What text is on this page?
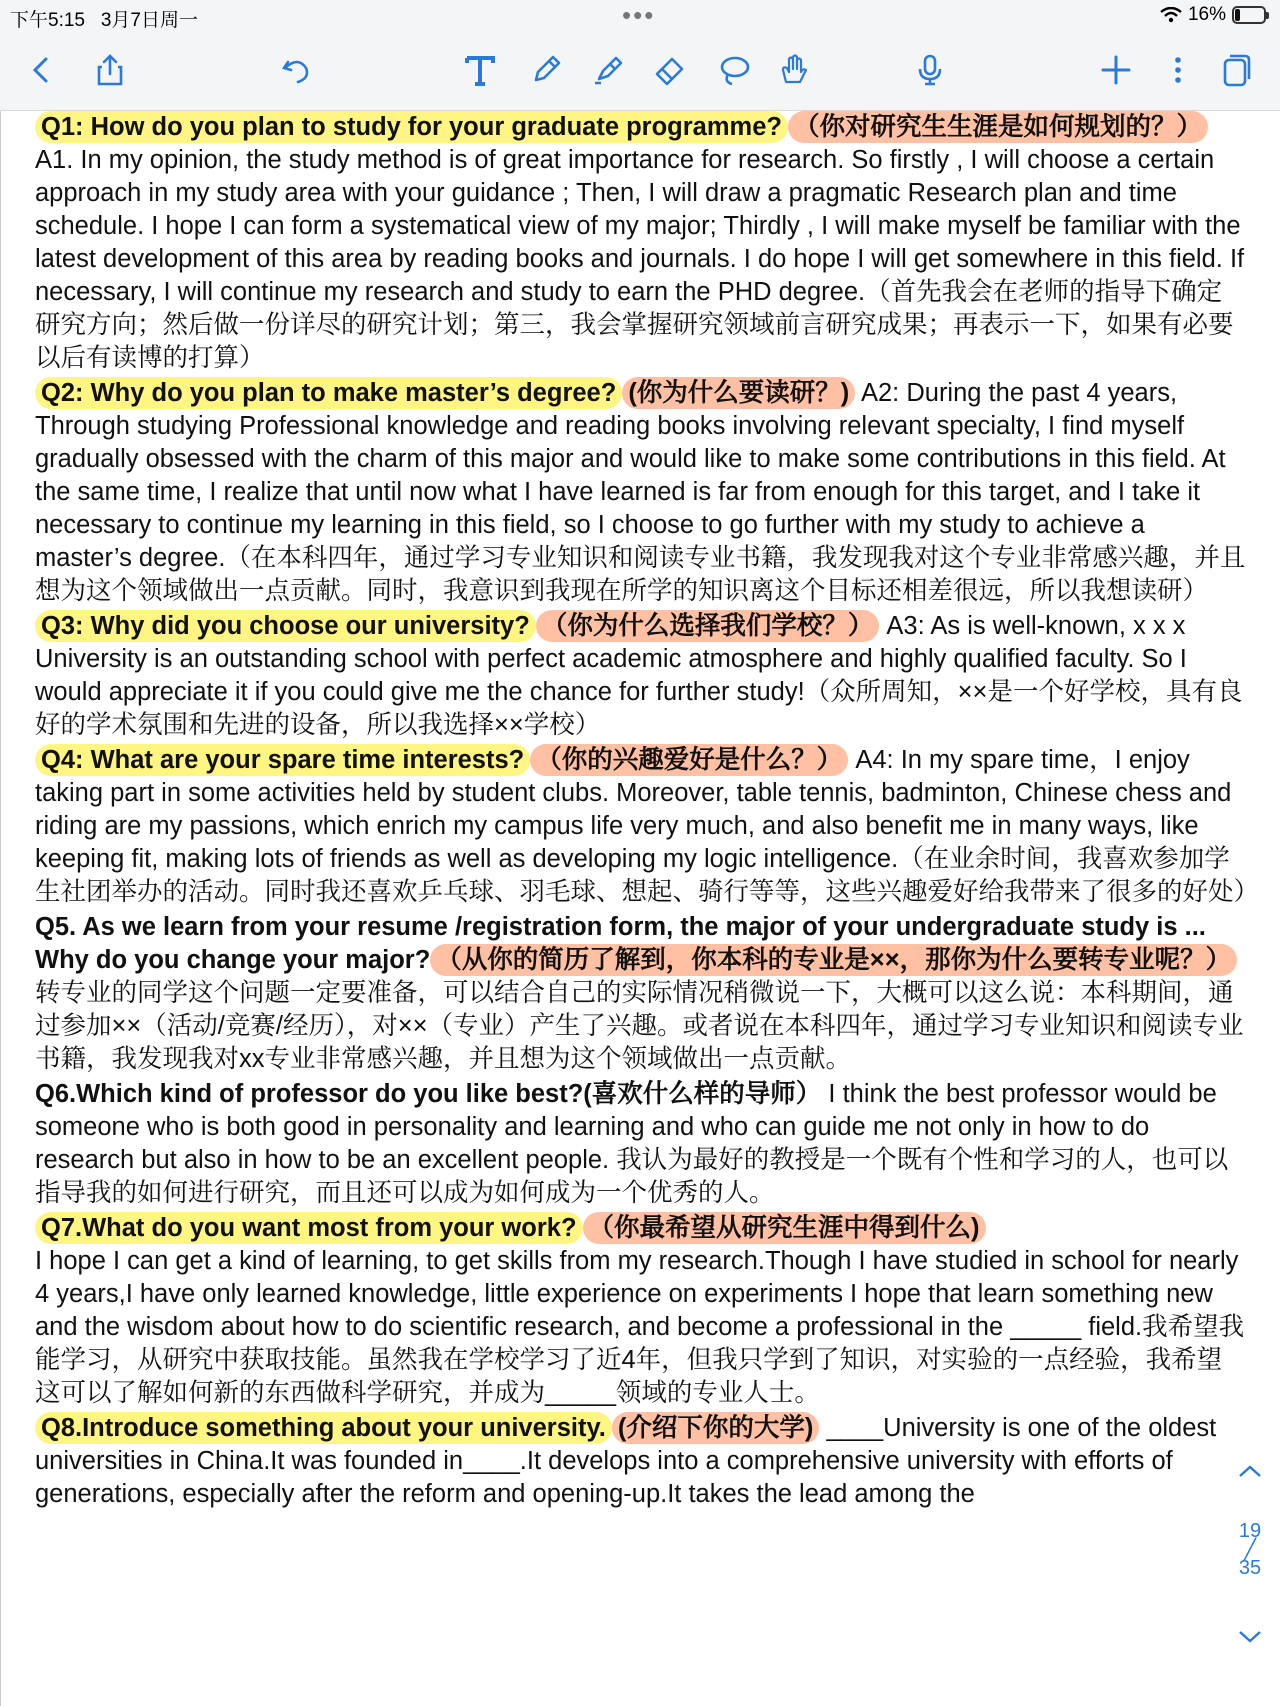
下午5:15 3月7日周一	•••	16%

Q1: How do you plan to study for your graduate programme? （你对研究生生涯是如何规划的？） A1. In my opinion, the study method is of great importance for research. So firstly , I will choose a certain approach in my study area with your guidance ; Then, I will draw a pragmatic Research plan and time schedule. I hope I can form a systematical view of my major; Thirdly , I will make myself be familiar with the latest development of this area by reading books and journals. I do hope I will get somewhere in this field. If necessary, I will continue my research and study to earn the PHD degree.（首先我会在老师的指导下确定研究方向；然后做一份详尽的研究计划；第三，我会掌握研究领域前言研究成果；再表示一下，如果有必要以后有读博的打算）

Q2: Why do you plan to make master’s degree? (你为什么要读研？) A2: During the past 4 years, Through studying Professional knowledge and reading books involving relevant specialty, I find myself gradually obsessed with the charm of this major and would like to make some contributions in this field. At the same time, I realize that until now what I have learned is far from enough for this target, and I take it necessary to continue my learning in this field, so I choose to go further with my study to achieve a master’s degree.（在本科四年，通过学习专业知识和阅读专业书籍，我发现我对这个专业非常感兴趣，并且想为这个领域做出一点贡献。同时，我意识到我现在所学的知识离这个目标还相差很远，所以我想读研）

Q3: Why did you choose our university? （你为什么选择我们学校？） A3: As is well-known, x x x University is an outstanding school with perfect academic atmosphere and highly qualified faculty. So I would appreciate it if you could give me the chance for further study!（众所周知，××是一个好学校，具有良好的学术氛围和先进的设备，所以我选择××学校）

Q4: What are your spare time interests? （你的兴趣爱好是什么？） A4: In my spare time，I enjoy taking part in some activities held by student clubs. Moreover, table tennis, badminton, Chinese chess and riding are my passions, which enrich my campus life very much, and also benefit me in many ways, like keeping fit, making lots of friends as well as developing my logic intelligence.（在业余时间，我喜欢参加学生社团举办的活动。同时我还喜欢乒乓球、羽毛球、想起、骑行等等，这些兴趣爱好给我带来了很多的好处）

Q5. As we learn from your resume /registration form, the major of your undergraduate study is ... Why do you change your major? （从你的简历了解到，你本科的专业是××，那你为什么要转专业呢？）转专业的同学这个问题一定要准备，可以结合自己的实际情况稍微说一下，大概可以这么说：本科期间，通过参加××（活动/竞赛/经历），对××（专业）产生了兴趣。或者说在本科四年，通过学习专业知识和阅读专业书籍，我发现我对xx专业非常感兴趣，并且想为这个领域做出一点贡献。

Q6.Which kind of professor do you like best?(喜欢什么样的导师） I think the best professor would be someone who is both good in personality and learning and who can guide me not only in how to do research but also in how to be an excellent people. 我认为最好的教授是一个既有个性和学习的人，也可以指导我的如何进行研究，而且还可以成为如何成为一个优秀的人。

Q7.What do you want most from your work? （你最希望从研究生涯中得到什么)
I hope I can get a kind of learning, to get skills from my research.Though I have studied in school for nearly 4 years,I have only learned knowledge, little experience on experiments I hope that learn something new and the wisdom about how to do scientific research, and become a professional in the _____ field.我希望我能学习，从研究中获取技能。虽然我在学校学习了近4年，但我只学到了知识，对实验的一点经验，我希望这可以了解如何新的东西做科学研究，并成为_____领域的专业人士。

Q8.Introduce something about your university. (介绍下你的大学) ____University is one of the oldest universities in China.It was founded in____.It develops into a comprehensive university with efforts of generations, especially after the reform and opening-up.It takes the lead among the

19
╱
35
